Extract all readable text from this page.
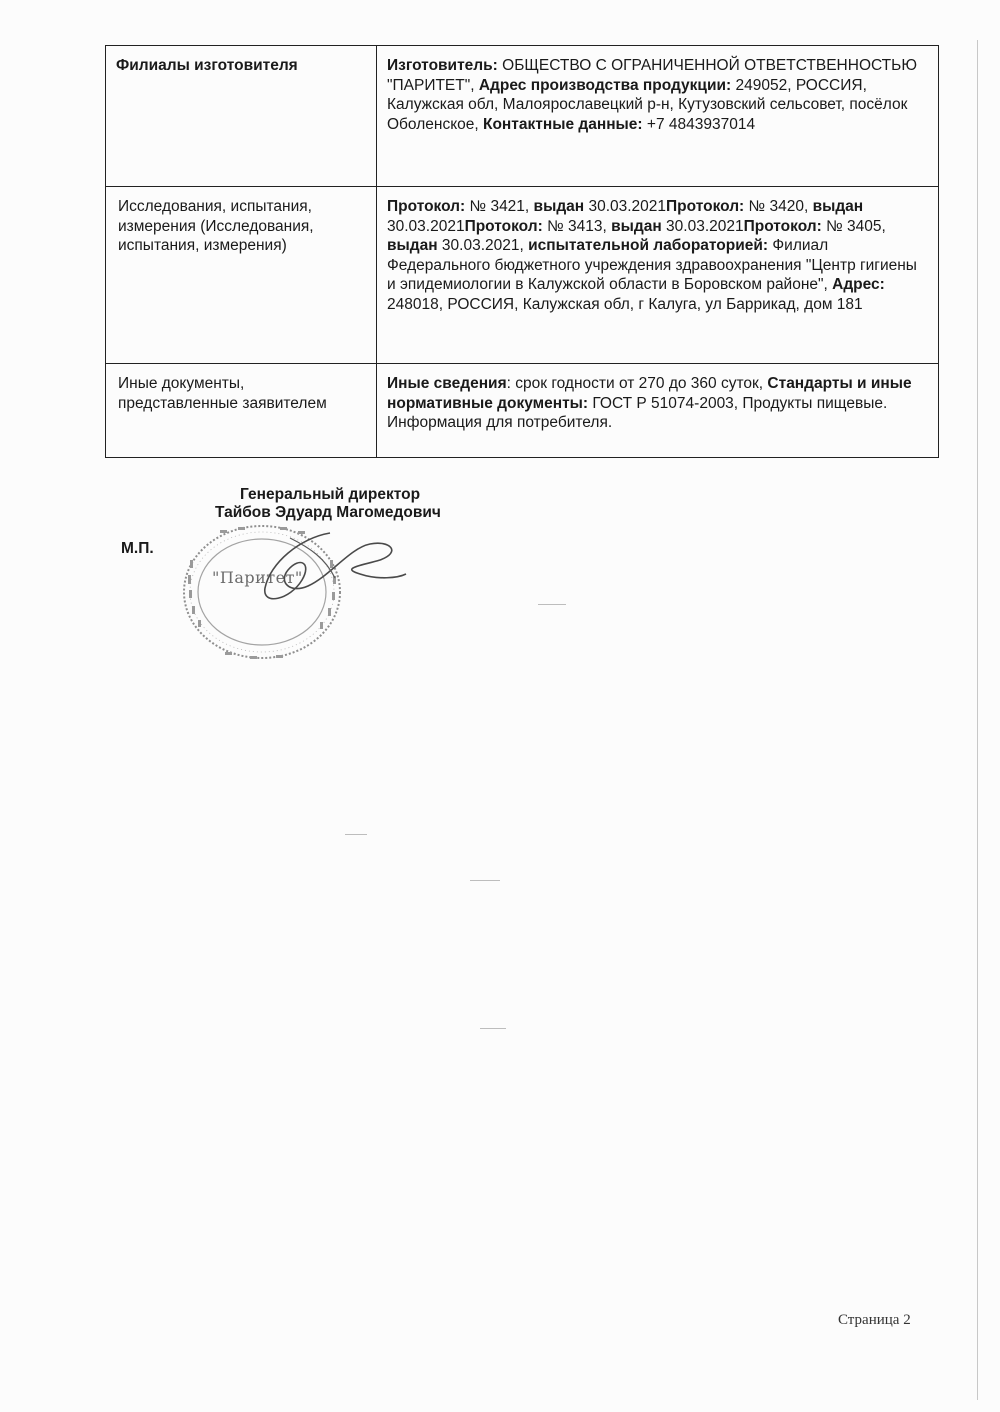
Филиалы изготовителя	Изготовитель: ОБЩЕСТВО С ОГРАНИЧЕННОЙ ОТВЕТСТВЕННОСТЬЮ "ПАРИТЕТ", Адрес производства продукции: 249052, РОССИЯ, Калужская обл, Малоярославецкий р-н, Кутузовский сельсовет, посёлок Оболенское, Контактные данные: +7 4843937014
Исследования, испытания, измерения (Исследования, испытания, измерения)	Протокол: № 3421, выдан 30.03.2021Протокол: № 3420, выдан 30.03.2021Протокол: № 3413, выдан 30.03.2021Протокол: № 3405, выдан 30.03.2021, испытательной лабораторией: Филиал Федерального бюджетного учреждения здравоохранения "Центр гигиены и эпидемиологии в Калужской области в Боровском районе", Адрес: 248018, РОССИЯ, Калужская обл, г Калуга, ул Баррикад, дом 181
Иные документы, представленные заявителем	Иные сведения: срок годности от 270 до 360 суток, Стандарты и иные нормативные документы: ГОСТ Р 51074-2003, Продукты пищевые. Информация для потребителя.
Генеральный директор
Тайбов Эдуард Магомедович
М.П.
"Паритет"
Страница 2
